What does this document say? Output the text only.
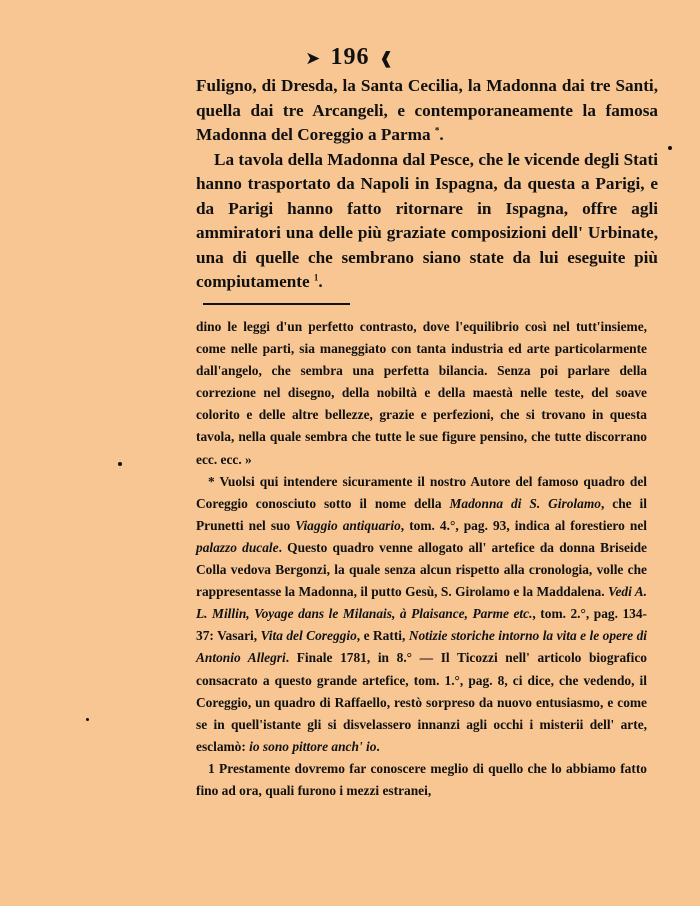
➤ 196 ❰

Fuligno, di Dresda, la Santa Cecilia, la Madonna dai tre Santi, quella dai tre Arcangeli, e contemporaneamente la famosa Madonna del Coreggio a Parma *.

La tavola della Madonna dal Pesce, che le vicende degli Stati hanno trasportato da Napoli in Ispagna, da questa a Parigi, e da Parigi hanno fatto ritornare in Ispagna, offre agli ammiratori una delle più graziate composizioni dell' Urbinate, una di quelle che sembrano siano state da lui eseguite più compiutamente $^1$.

dino le leggi d'un perfetto contrasto, dove l'equilibrio così nel tutt'insieme, come nelle parti, sia maneggiato con tanta industria ed arte particolarmente dall'angelo, che sembra una perfetta bilancia. Senza poi parlare della correzione nel disegno, della nobiltà e della maestà nelle teste, del soave colorito e delle altre bellezze, grazie e perfezioni, che si trovano in questa tavola, nella quale sembra che tutte le sue figure pensino, che tutte discorrano ecc. ecc. »

* Vuolsi qui intendere sicuramente il nostro Autore del famoso quadro del Coreggio conosciuto sotto il nome della Madonna di S. Girolamo, che il Prunetti nel suo Viaggio antiquario, tom. 4.°, pag. 93, indica al forestiero nel palazzo ducale. Questo quadro venne allogato all' artefice da donna Briseide Colla vedova Bergonzi, la quale senza alcun rispetto alla cronologia, volle che rappresentasse la Madonna, il putto Gesù, S. Girolamo e la Maddalena. Vedi A. L. Millin, Voyage dans le Milanais, à Plaisance, Parme etc., tom. 2.°, pag. 134-37: Vasari, Vita del Coreggio, e Ratti, Notizie storiche intorno la vita e le opere di Antonio Allegri. Finale 1781, in 8.° — Il Ticozzi nell' articolo biografico consacrato a questo grande artefice, tom. 1.°, pag. 8, ci dice, che vedendo, il Coreggio, un quadro di Raffaello, restò sorpreso da nuovo entusiasmo, e come se in quell'istante gli si disvelassero innanzi agli occhi i misterii dell' arte, esclamò: io sono pittore anch' io.

1 Prestamente dovremo far conoscere meglio di quello che lo abbiamo fatto fino ad ora, quali furono i mezzi estranei,
